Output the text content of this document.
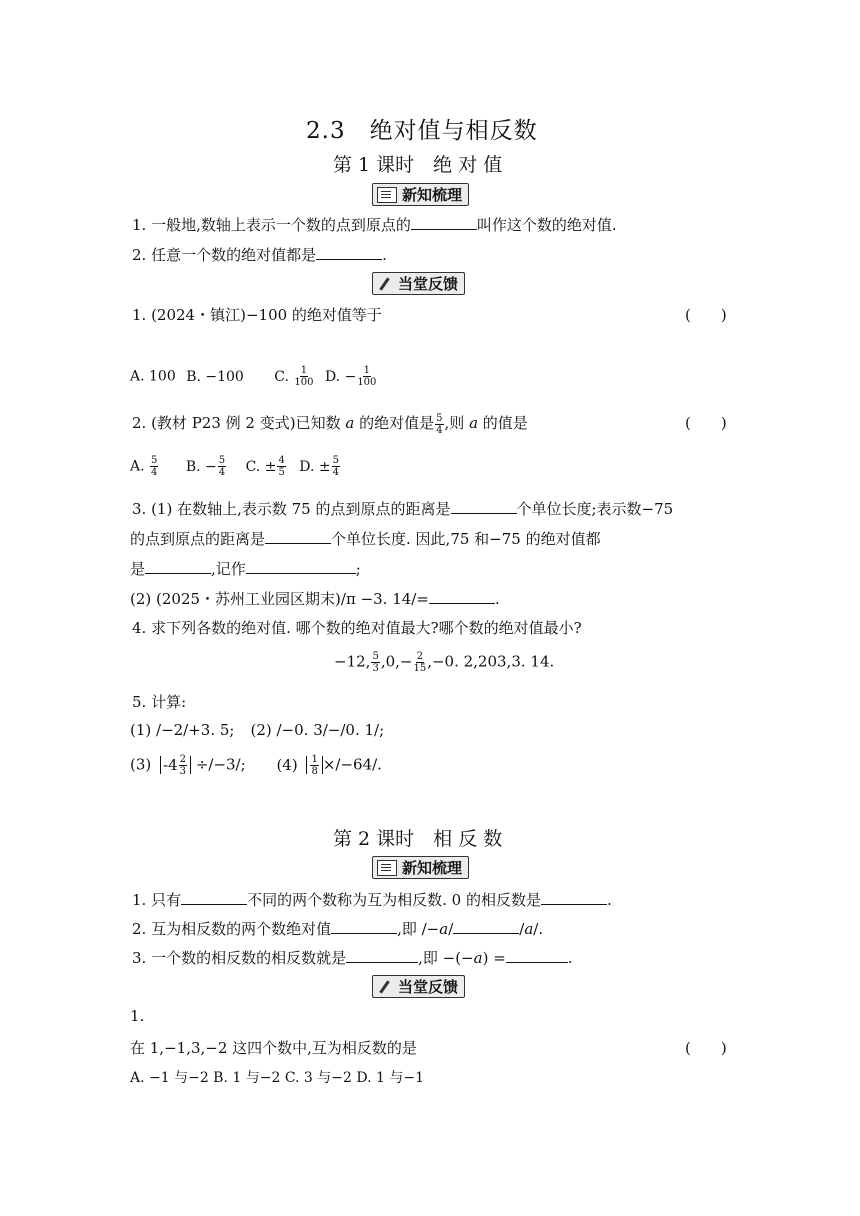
2.3　绝对值与相反数
第 1 课时　绝 对 值
新知梳理
1. 一般地,数轴上表示一个数的点到原点的	叫作这个数的绝对值.
2. 任意一个数的绝对值都是	.
当堂反馈
1. (2024・镇江)−100 的绝对值等于	(　　)
A. 100 B. −100 C. $\frac{1}{100} D$. − $\frac{1}{100}$
2. (教材 P23 例 2 变式)已知数 a 的绝对值是 $\frac{5}{4}$ ,则 a 的值是	(　　)
A. $\frac{5}{4} B$. − $\frac{5}{4} C$. ± $\frac{4}{5} D$. ± $\frac{5}{4}$
3. (1) 在数轴上,表示数 75 的点到原点的距离是	个单位长度;表示数−75
的点到原点的距离是	个单位长度. 因此,75 和−75 的绝对值都
是	,记作	;
(2) (2025・苏州工业园区期末)/π −3. 14/=	.
4. 求下列各数的绝对值. 哪个数的绝对值最大?哪个数的绝对值最小?
−12, $\frac{5}{3} ,0,- \frac{2}{15} ,-0$. 2,203,3. 14.
5. 计算:
(1) /−2/+3. 5; (2) /−0. 3/−/0. 1/;
(3) $-4 \frac{2}{3} \div/-3/$; $(4) \frac{1}{8} \times/-64/$.
第 2 课时　相 反 数
新知梳理
1. 只有	不同的两个数称为互为相反数. 0 的相反数是	.
2. 互为相反数的两个数绝对值	,即 /−a/	/a/.
3. 一个数的相反数的相反数就是	,即 −(−a) =	.
当堂反馈
1.
在 1,−1,3,−2 这四个数中,互为相反数的是	(　　)
A. −1 与−2 B. 1 与−2 C. 3 与−2 D. 1 与−1
